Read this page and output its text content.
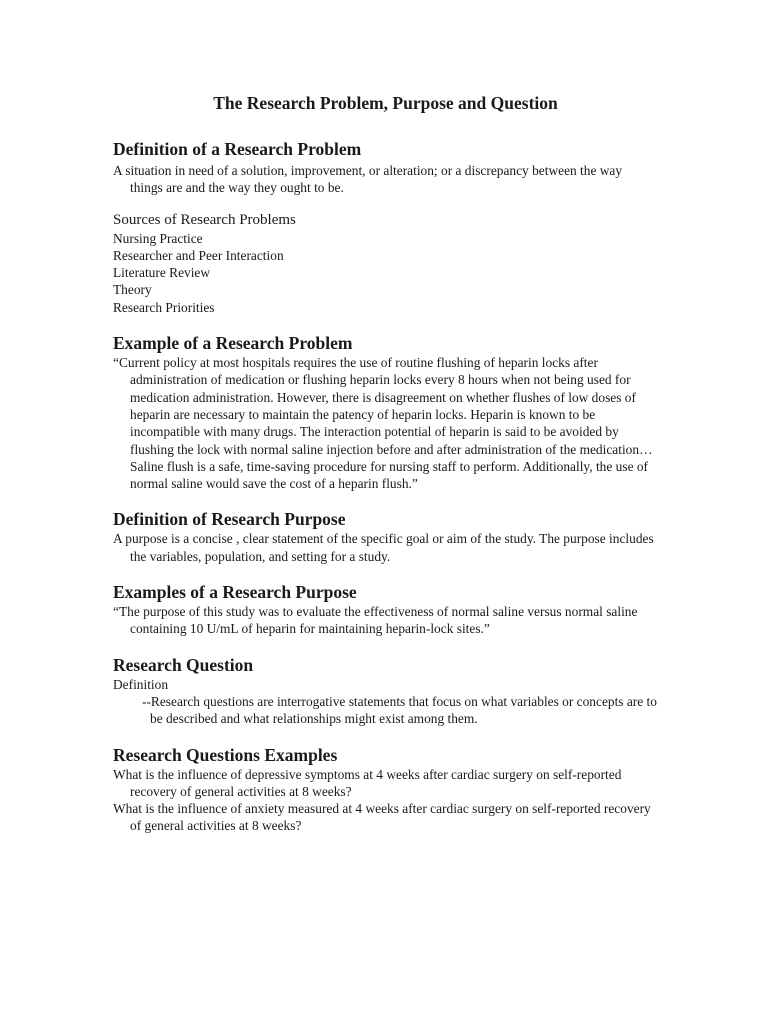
The Research Problem, Purpose and Question
Definition of a Research Problem

A situation in need of a solution, improvement, or alteration; or a discrepancy between the way things are and the way they ought to be.

Sources of Research Problems

Nursing Practice

Researcher and Peer Interaction

Literature Review

Theory

Research Priorities

Example of a Research Problem

“Current policy at most hospitals requires the use of routine flushing of heparin locks after administration of medication or flushing heparin locks every 8 hours when not being used for medication administration. However, there is disagreement on whether flushes of low doses of heparin are necessary to maintain the patency of heparin locks. Heparin is known to be incompatible with many drugs. The interaction potential of heparin is said to be avoided by flushing the lock with normal saline injection before and after administration of the medication…Saline flush is a safe, time-saving procedure for nursing staff to perform. Additionally, the use of normal saline would save the cost of a heparin flush.”

Definition of Research Purpose

A purpose is a concise , clear statement of the specific goal or aim of the study. The purpose includes the variables, population, and setting for a study.

Examples of a Research Purpose

“The purpose of this study was to evaluate the effectiveness of normal saline versus normal saline containing 10 U/mL of heparin for maintaining heparin-lock sites.”

Research Question

Definition

--Research questions are interrogative statements that focus on what variables or concepts are to be described and what relationships might exist among them.

Research Questions Examples

What is the influence of depressive symptoms at 4 weeks after cardiac surgery on self-reported recovery of general activities at 8 weeks?

What is the influence of anxiety measured at 4 weeks after cardiac surgery on self-reported recovery of general activities at 8 weeks?
